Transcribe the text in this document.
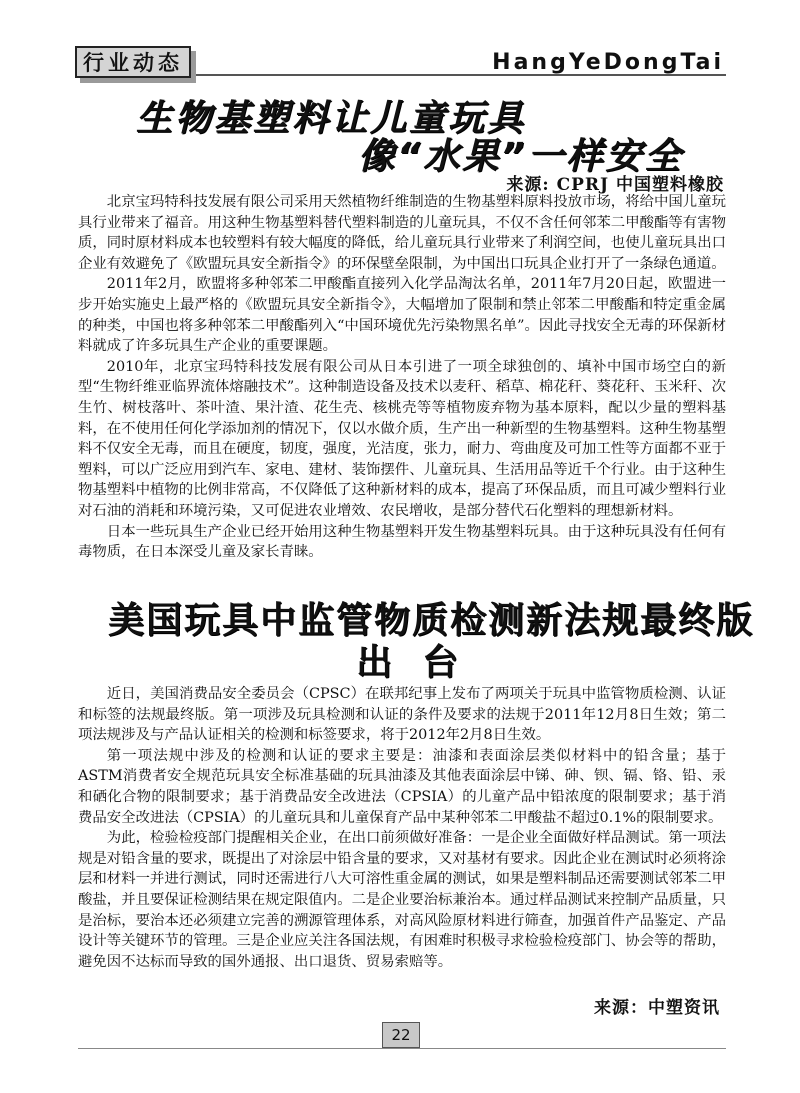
行业动态	HangYeDongTai
生物基塑料让儿童玩具
像“水果”一样安全
来源: CPRJ 中国塑料橡胶

北京宝玛特科技发展有限公司采用天然植物纤维制造的生物基塑料原料投放市场，将给中国儿童玩具行业带来了福音。用这种生物基塑料替代塑料制造的儿童玩具，不仅不含任何邻苯二甲酸酯等有害物质，同时原材料成本也较塑料有较大幅度的降低，给儿童玩具行业带来了利润空间，也使儿童玩具出口企业有效避免了《欧盟玩具安全新指令》的环保壁垒限制，为中国出口玩具企业打开了一条绿色通道。

2011年2月，欧盟将多种邻苯二甲酸酯直接列入化学品淘汰名单，2011年7月20日起，欧盟进一步开始实施史上最严格的《欧盟玩具安全新指令》，大幅增加了限制和禁止邻苯二甲酸酯和特定重金属的种类，中国也将多种邻苯二甲酸酯列入“中国环境优先污染物黑名单”。因此寻找安全无毒的环保新材料就成了许多玩具生产企业的重要课题。

2010年，北京宝玛特科技发展有限公司从日本引进了一项全球独创的、填补中国市场空白的新型“生物纤维亚临界流体熔融技术”。这种制造设备及技术以麦秆、稻草、棉花秆、葵花秆、玉米秆、次生竹、树枝落叶、茶叶渣、果汁渣、花生壳、核桃壳等等植物废弃物为基本原料，配以少量的塑料基料，在不使用任何化学添加剂的情况下，仅以水做介质，生产出一种新型的生物基塑料。这种生物基塑料不仅安全无毒，而且在硬度，韧度，强度，光洁度，张力，耐力、弯曲度及可加工性等方面都不亚于塑料，可以广泛应用到汽车、家电、建材、装饰摆件、儿童玩具、生活用品等近千个行业。由于这种生物基塑料中植物的比例非常高，不仅降低了这种新材料的成本，提高了环保品质，而且可减少塑料行业对石油的消耗和环境污染，又可促进农业增效、农民增收，是部分替代石化塑料的理想新材料。

日本一些玩具生产企业已经开始用这种生物基塑料开发生物基塑料玩具。由于这种玩具没有任何有毒物质，在日本深受儿童及家长青睐。

美国玩具中监管物质检测新法规最终版
出台

近日，美国消费品安全委员会（CPSC）在联邦纪事上发布了两项关于玩具中监管物质检测、认证和标签的法规最终版。第一项涉及玩具检测和认证的条件及要求的法规于2011年12月8日生效；第二项法规涉及与产品认证相关的检测和标签要求，将于2012年2月8日生效。

第一项法规中涉及的检测和认证的要求主要是：油漆和表面涂层类似材料中的铅含量；基于ASTM消费者安全规范玩具安全标准基础的玩具油漆及其他表面涂层中锑、砷、钡、镉、铬、铅、汞和硒化合物的限制要求；基于消费品安全改进法（CPSIA）的儿童产品中铅浓度的限制要求；基于消费品安全改进法（CPSIA）的儿童玩具和儿童保育产品中某种邻苯二甲酸盐不超过0.1%的限制要求。

为此，检验检疫部门提醒相关企业，在出口前须做好准备：一是企业全面做好样品测试。第一项法规是对铅含量的要求，既提出了对涂层中铅含量的要求，又对基材有要求。因此企业在测试时必须将涂层和材料一并进行测试，同时还需进行八大可溶性重金属的测试，如果是塑料制品还需要测试邻苯二甲酸盐，并且要保证检测结果在规定限值内。二是企业要治标兼治本。通过样品测试来控制产品质量，只是治标，要治本还必须建立完善的溯源管理体系，对高风险原材料进行筛查，加强首件产品鉴定、产品设计等关键环节的管理。三是企业应关注各国法规，有困难时积极寻求检验检疫部门、协会等的帮助，避免因不达标而导致的国外通报、出口退货、贸易索赔等。

来源：中塑资讯
22
